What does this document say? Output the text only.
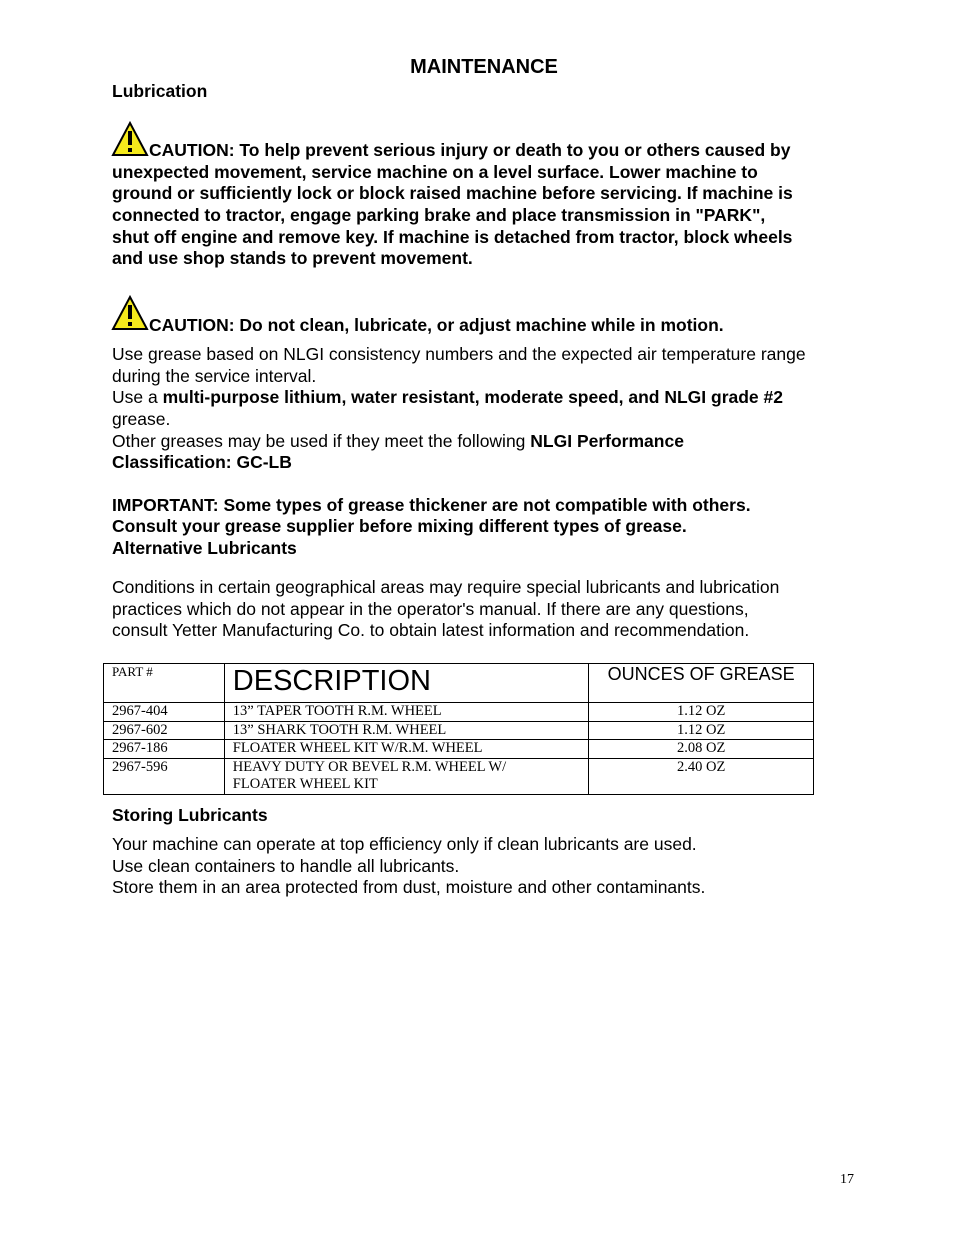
MAINTENANCE
Lubrication
CAUTION: To help prevent serious injury or death to you or others caused by
unexpected movement, service machine on a level surface. Lower machine to
ground or sufficiently lock or block raised machine before servicing. If machine is
connected to tractor, engage parking brake and place transmission in "PARK",
shut off engine and remove key. If machine is detached from tractor, block wheels
and use shop stands to prevent movement.
CAUTION: Do not clean, lubricate, or adjust machine while in motion.
Use grease based on NLGI consistency numbers and the expected air temperature range
during the service interval.
Use a multi-purpose lithium, water resistant, moderate speed, and NLGI grade #2
grease.
Other greases may be used if they meet the following NLGI Performance
Classification: GC-LB
IMPORTANT: Some types of grease thickener are not compatible with others.
Consult your grease supplier before mixing different types of grease.
Alternative Lubricants
Conditions in certain geographical areas may require special lubricants and lubrication
practices which do not appear in the operator's manual. If there are any questions,
consult Yetter Manufacturing Co. to obtain latest information and recommendation.
PART #	DESCRIPTION	OUNCES OF GREASE
2967-404	13” TAPER TOOTH R.M. WHEEL	1.12 OZ
2967-602	13” SHARK TOOTH R.M. WHEEL	1.12 OZ
2967-186	FLOATER WHEEL KIT W/R.M. WHEEL	2.08 OZ
2967-596	HEAVY DUTY OR BEVEL R.M. WHEEL W/
FLOATER WHEEL KIT	2.40 OZ
Storing Lubricants
Your machine can operate at top efficiency only if clean lubricants are used.
Use clean containers to handle all lubricants.
Store them in an area protected from dust, moisture and other contaminants.
17
